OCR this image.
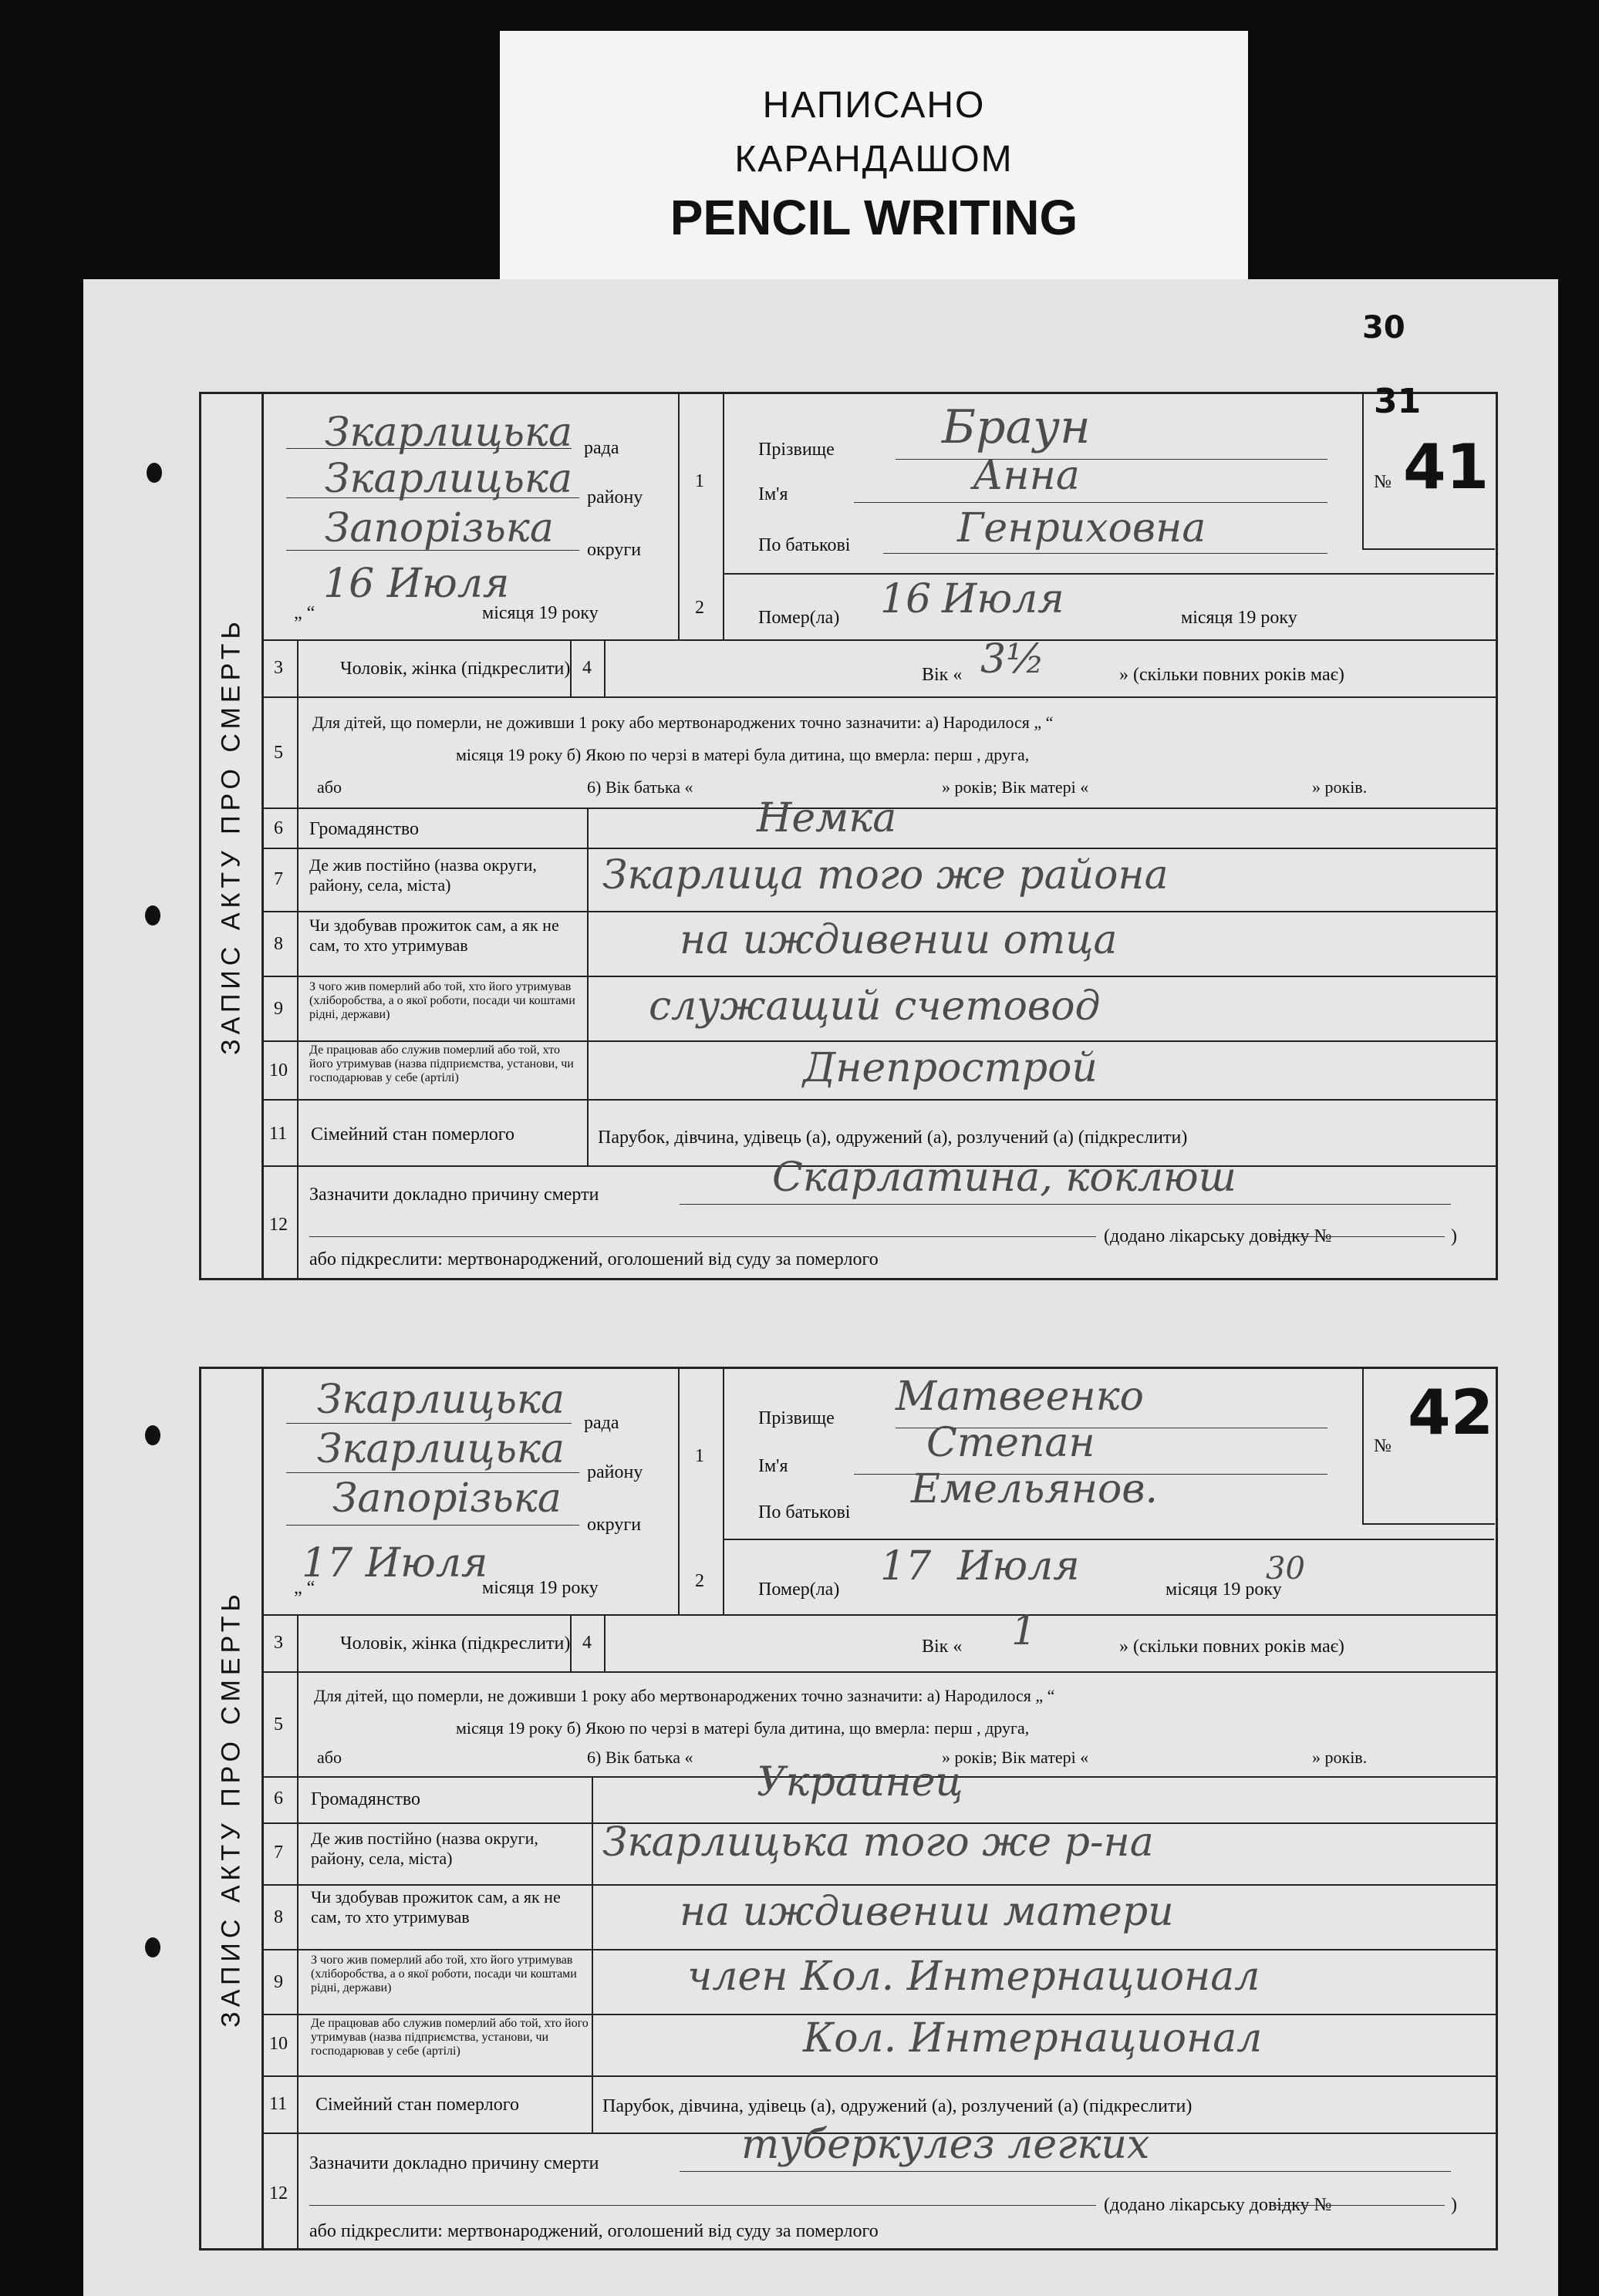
НАПИСАНО
КАРАНДАШОМ
PENCIL WRITING
30
ЗАПИС АКТУ ПРО СМЕРТЬ
рада
Зкарлицька
району
Зкарлицька
округи
Запорізька
„ “
16 Июля
місяця 19 року
1
2
Прізвище Браун
Ім'я	Анна
По батькові	Генриховна
Помер(ла) 16 Июля	місяця 19 року
№
31
41
3	Чоловік, жінка (підкреслити) 4	Вік « 3½	» (скільки повних років має)
5
Для дітей, що померли, не доживши 1 року або мертвонароджених точно зазначити: а) Народилося „ “
місяця 19 року б) Якою по черзі в матері була дитина, що вмерла: перш , друга,
або	6) Вік батька «	» років; Вік матері «	» років.
6 Громадянство	Немка
7
Де жив постійно (назва округи, району, села, міста)	Зкарлица того же района
8
Чи здобував прожиток сам, а як не сам, то хто утримував	на иждивении отца
9
З чого жив померлий або той, хто його утримував (хліборобства, а о якої роботи, посади чи коштами рідні, держави)	служащий счетовод
10
Де працював або служив померлий або той, хто його утримував (назва підприємства, установи, чи господарював у себе (артілі)	Днепрострой
11 Сімейний стан померлого	Парубок, дівчина, удівець (а), одружений (а), розлучений (а) (підкреслити)
12
Зазначити докладно причину смерти	Скарлатина, коклюш
(додано лікарську довідку №	)
або підкреслити: мертвонароджений, оголошений від суду за померлого
ЗАПИС АКТУ ПРО СМЕРТЬ
рада
Зкарлицька
району
Зкарлицька
округи
Запорізька
„ “
17 Июля
місяця 19 року
1
2
Прізвище Матвеенко
Ім'я	Степан
По батькові Емельянов.
Помер(ла) 17 Июля	місяця 19 року
30
№ 42
3	Чоловік, жінка (підкреслити) 4	Вік « 1	» (скільки повних років має)
5
Для дітей, що померли, не доживши 1 року або мертвонароджених точно зазначити: а) Народилося „ “
місяця 19 року б) Якою по черзі в матері була дитина, що вмерла: перш , друга,
або	6) Вік батька «	» років; Вік матері «	» років.
6 Громадянство	Украинец
7
Де жив постійно (назва округи, району, села, міста)	Зкарлицька того же р-на
8
Чи здобував прожиток сам, а як не сам, то хто утримував	на иждивении матери
9
З чого жив померлий або той, хто його утримував (хліборобства, а о якої роботи, посади чи коштами рідні, держави)	член Кол. Интернационал
10
Де працював або служив померлий або той, хто його утримував (назва підприємства, установи, чи господарював у себе (артілі)	Кол. Интернационал
11 Сімейний стан померлого	Парубок, дівчина, удівець (а), одружений (а), розлучений (а) (підкреслити)
12
Зазначити докладно причину смерти	туберкулез легких
(додано лікарську довідку №	)
або підкреслити: мертвонароджений, оголошений від суду за померлого
